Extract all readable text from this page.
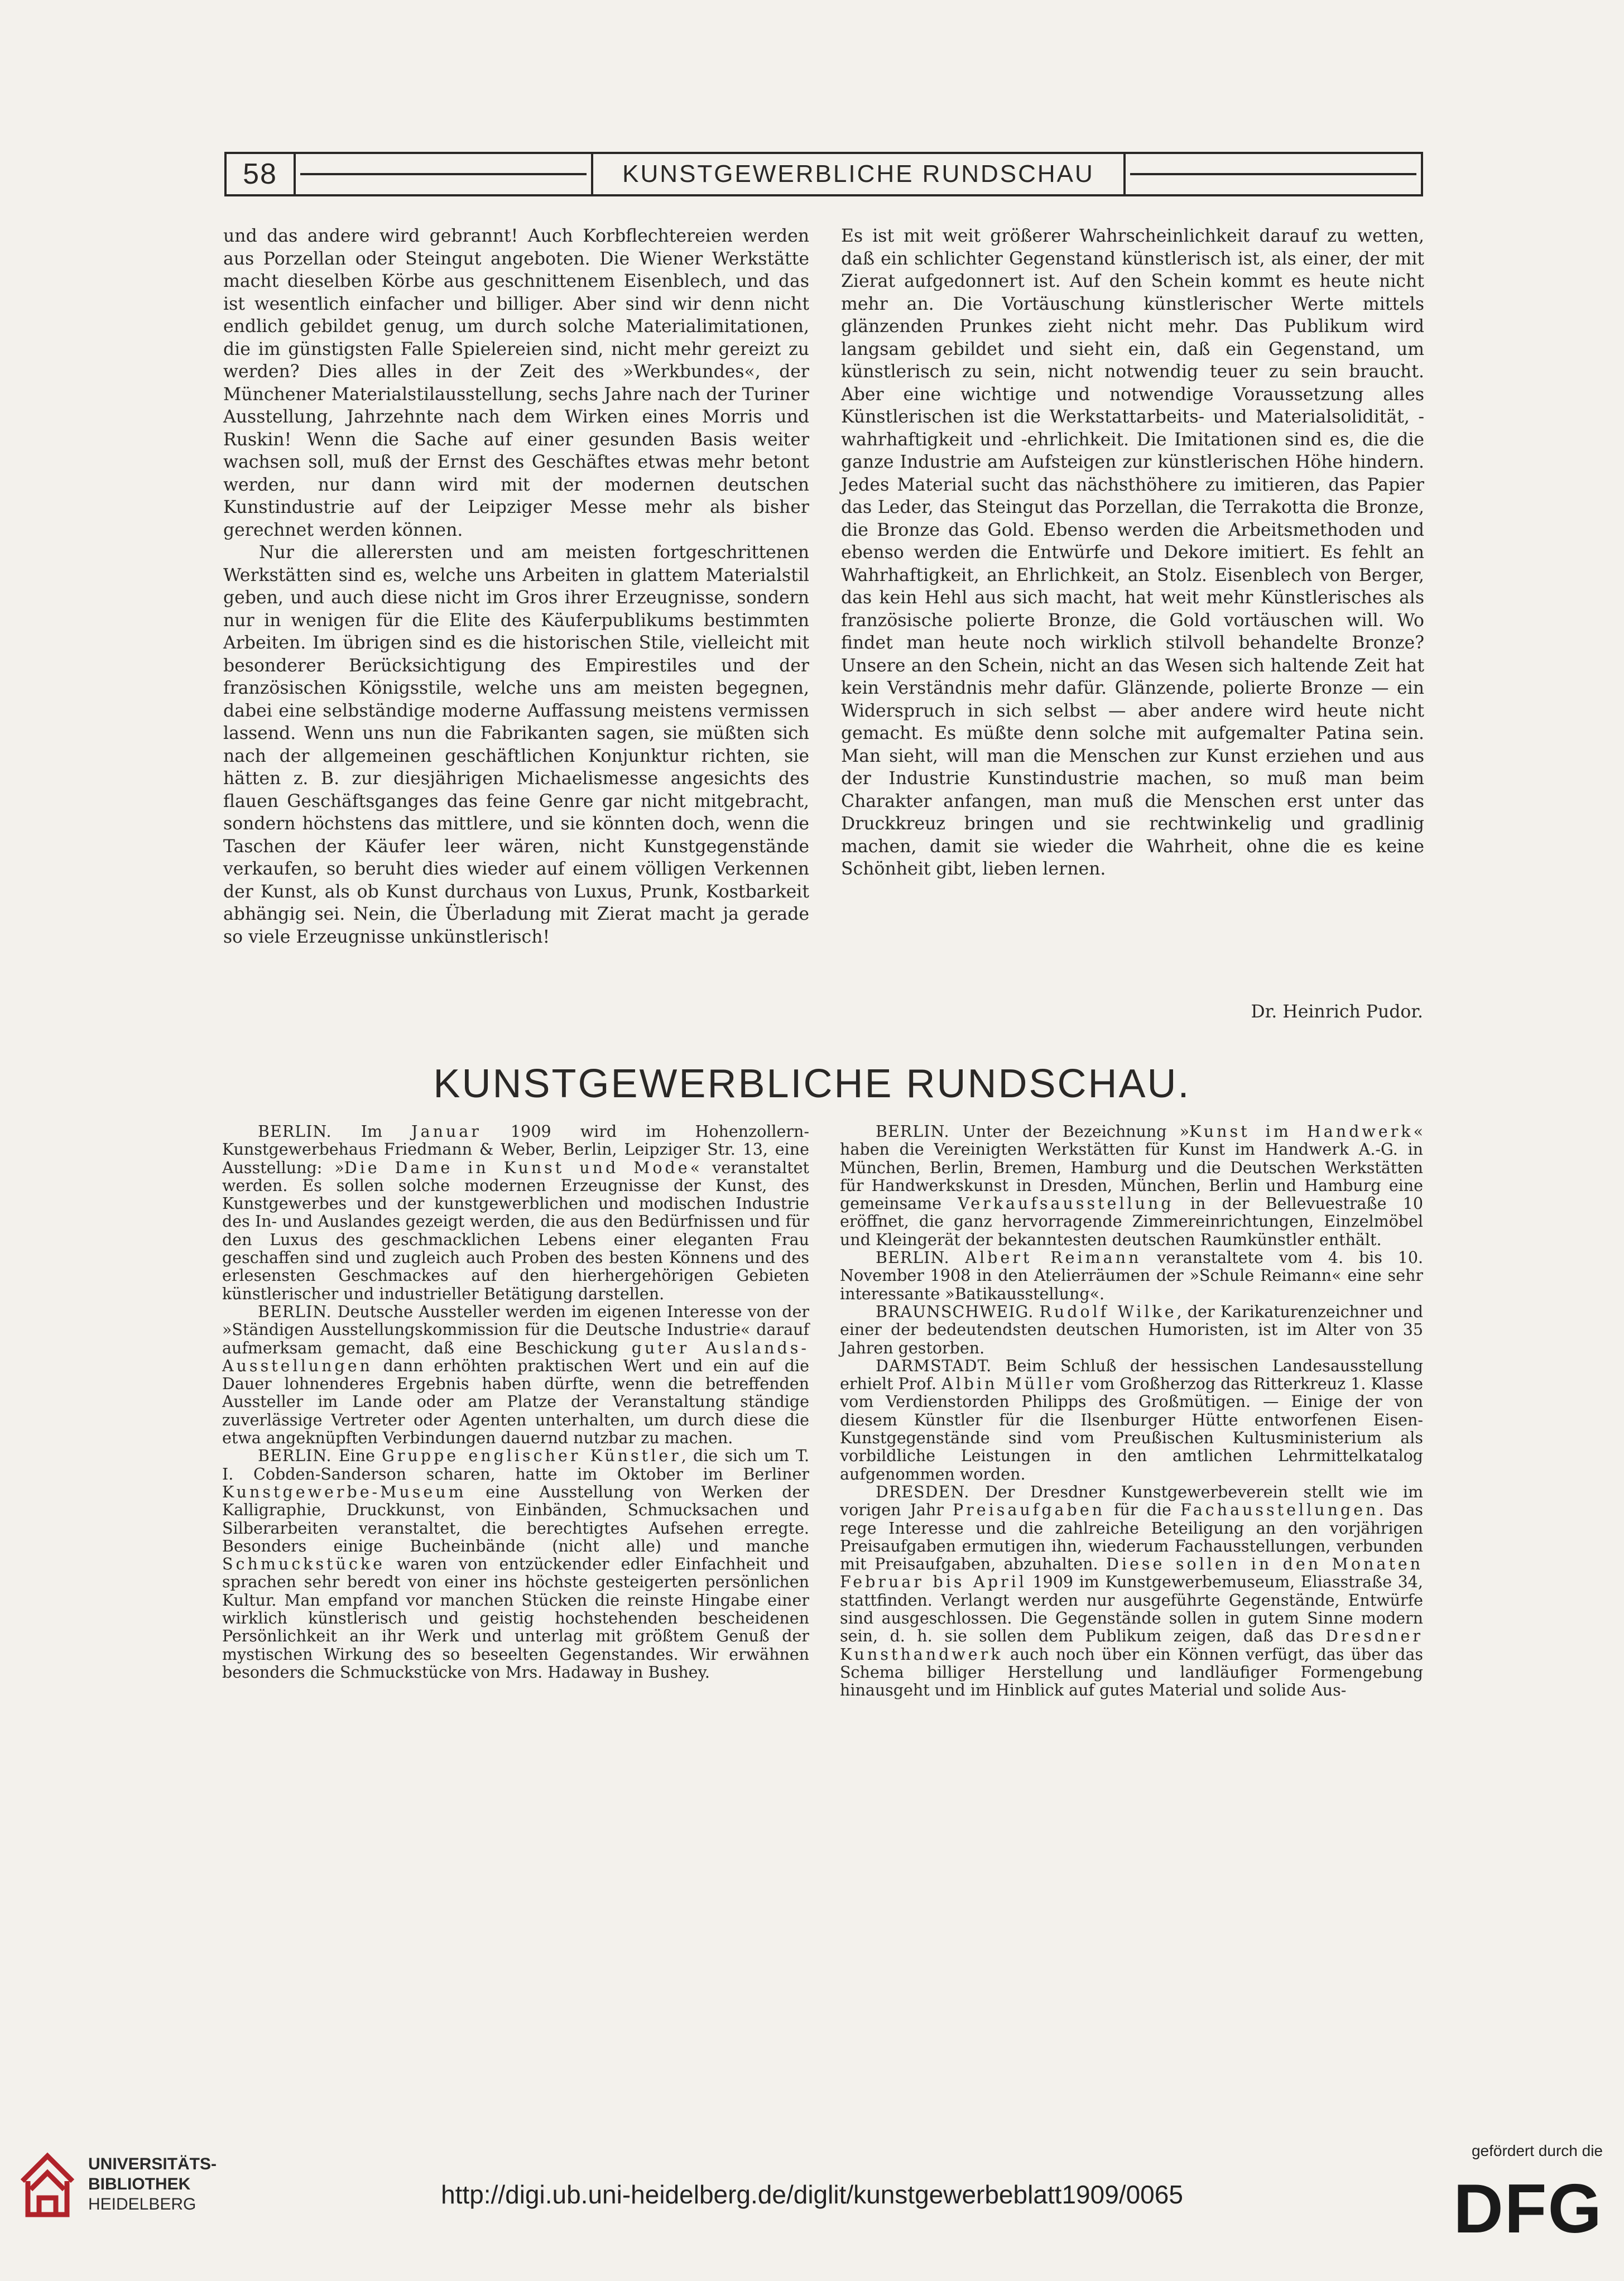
58	KUNSTGEWERBLICHE RUNDSCHAU

und das andere wird gebrannt! Auch Korbflechtereien werden aus Porzellan oder Steingut angeboten. Die Wiener Werkstätte macht dieselben Körbe aus geschnittenem Eisenblech, und das ist wesentlich einfacher und billiger. Aber sind wir denn nicht endlich gebildet genug, um durch solche Materialimitationen, die im günstigsten Falle Spielereien sind, nicht mehr gereizt zu werden? Dies alles in der Zeit des »Werkbundes«, der Münchener Materialstilausstellung, sechs Jahre nach der Turiner Ausstellung, Jahrzehnte nach dem Wirken eines Morris und Ruskin! Wenn die Sache auf einer gesunden Basis weiter wachsen soll, muß der Ernst des Geschäftes etwas mehr betont werden, nur dann wird mit der modernen deutschen Kunstindustrie auf der Leipziger Messe mehr als bisher gerechnet werden können.

Nur die allerersten und am meisten fortgeschrittenen Werkstätten sind es, welche uns Arbeiten in glattem Materialstil geben, und auch diese nicht im Gros ihrer Erzeugnisse, sondern nur in wenigen für die Elite des Käuferpublikums bestimmten Arbeiten. Im übrigen sind es die historischen Stile, vielleicht mit besonderer Berücksichtigung des Empirestiles und der französischen Königsstile, welche uns am meisten begegnen, dabei eine selbständige moderne Auffassung meistens vermissen lassend. Wenn uns nun die Fabrikanten sagen, sie müßten sich nach der allgemeinen geschäftlichen Konjunktur richten, sie hätten z. B. zur diesjährigen Michaelismesse angesichts des flauen Geschäftsganges das feine Genre gar nicht mitgebracht, sondern höchstens das mittlere, und sie könnten doch, wenn die Taschen der Käufer leer wären, nicht Kunstgegenstände verkaufen, so beruht dies wieder auf einem völligen Verkennen der Kunst, als ob Kunst durchaus von Luxus, Prunk, Kostbarkeit abhängig sei. Nein, die Überladung mit Zierat macht ja gerade so viele Erzeugnisse unkünstlerisch!

Es ist mit weit größerer Wahrscheinlichkeit darauf zu wetten, daß ein schlichter Gegenstand künstlerisch ist, als einer, der mit Zierat aufgedonnert ist. Auf den Schein kommt es heute nicht mehr an. Die Vortäuschung künstlerischer Werte mittels glänzenden Prunkes zieht nicht mehr. Das Publikum wird langsam gebildet und sieht ein, daß ein Gegenstand, um künstlerisch zu sein, nicht notwendig teuer zu sein braucht. Aber eine wichtige und notwendige Voraussetzung alles Künstlerischen ist die Werkstattarbeits- und Materialsolidität, -wahrhaftigkeit und -ehrlichkeit. Die Imitationen sind es, die die ganze Industrie am Aufsteigen zur künstlerischen Höhe hindern. Jedes Material sucht das nächsthöhere zu imitieren, das Papier das Leder, das Steingut das Porzellan, die Terrakotta die Bronze, die Bronze das Gold. Ebenso werden die Arbeitsmethoden und ebenso werden die Entwürfe und Dekore imitiert. Es fehlt an Wahrhaftigkeit, an Ehrlichkeit, an Stolz. Eisenblech von Berger, das kein Hehl aus sich macht, hat weit mehr Künstlerisches als französische polierte Bronze, die Gold vortäuschen will. Wo findet man heute noch wirklich stilvoll behandelte Bronze? Unsere an den Schein, nicht an das Wesen sich haltende Zeit hat kein Verständnis mehr dafür. Glänzende, polierte Bronze — ein Widerspruch in sich selbst — aber andere wird heute nicht gemacht. Es müßte denn solche mit aufgemalter Patina sein. Man sieht, will man die Menschen zur Kunst erziehen und aus der Industrie Kunstindustrie machen, so muß man beim Charakter anfangen, man muß die Menschen erst unter das Druckkreuz bringen und sie rechtwinkelig und gradlinig machen, damit sie wieder die Wahrheit, ohne die es keine Schönheit gibt, lieben lernen.

Dr. Heinrich Pudor.
KUNSTGEWERBLICHE RUNDSCHAU.

BERLIN. Im Januar 1909 wird im Hohenzollern-Kunstgewerbehaus Friedmann & Weber, Berlin, Leipziger Str. 13, eine Ausstellung: »Die Dame in Kunst und Mode« veranstaltet werden. Es sollen solche modernen Erzeugnisse der Kunst, des Kunstgewerbes und der kunstgewerblichen und modischen Industrie des In- und Auslandes gezeigt werden, die aus den Bedürfnissen und für den Luxus des geschmacklichen Lebens einer eleganten Frau geschaffen sind und zugleich auch Proben des besten Könnens und des erlesensten Geschmackes auf den hierhergehörigen Gebieten künstlerischer und industrieller Betätigung darstellen.

BERLIN. Deutsche Aussteller werden im eigenen Interesse von der »Ständigen Ausstellungskommission für die Deutsche Industrie« darauf aufmerksam gemacht, daß eine Beschickung guter Auslands-Ausstellungen dann erhöhten praktischen Wert und ein auf die Dauer lohnenderes Ergebnis haben dürfte, wenn die betreffenden Aussteller im Lande oder am Platze der Veranstaltung ständige zuverlässige Vertreter oder Agenten unterhalten, um durch diese die etwa angeknüpften Verbindungen dauernd nutzbar zu machen.

BERLIN. Eine Gruppe englischer Künstler, die sich um T. I. Cobden-Sanderson scharen, hatte im Oktober im Berliner Kunstgewerbe-Museum eine Ausstellung von Werken der Kalligraphie, Druckkunst, von Einbänden, Schmucksachen und Silberarbeiten veranstaltet, die berechtigtes Aufsehen erregte. Besonders einige Bucheinbände (nicht alle) und manche Schmuckstücke waren von entzückender edler Einfachheit und sprachen sehr beredt von einer ins höchste gesteigerten persönlichen Kultur. Man empfand vor manchen Stücken die reinste Hingabe einer wirklich künstlerisch und geistig hochstehenden bescheidenen Persönlichkeit an ihr Werk und unterlag mit größtem Genuß der mystischen Wirkung des so beseelten Gegenstandes. Wir erwähnen besonders die Schmuckstücke von Mrs. Hadaway in Bushey.

BERLIN. Unter der Bezeichnung »Kunst im Handwerk« haben die Vereinigten Werkstätten für Kunst im Handwerk A.-G. in München, Berlin, Bremen, Hamburg und die Deutschen Werkstätten für Handwerkskunst in Dresden, München, Berlin und Hamburg eine gemeinsame Verkaufsausstellung in der Bellevuestraße 10 eröffnet, die ganz hervorragende Zimmereinrichtungen, Einzelmöbel und Kleingerät der bekanntesten deutschen Raumkünstler enthält.

BERLIN. Albert Reimann veranstaltete vom 4. bis 10. November 1908 in den Atelierräumen der »Schule Reimann« eine sehr interessante »Batikausstellung«.

BRAUNSCHWEIG. Rudolf Wilke, der Karikaturenzeichner und einer der bedeutendsten deutschen Humoristen, ist im Alter von 35 Jahren gestorben.

DARMSTADT. Beim Schluß der hessischen Landesausstellung erhielt Prof. Albin Müller vom Großherzog das Ritterkreuz 1. Klasse vom Verdienstorden Philipps des Großmütigen. — Einige der von diesem Künstler für die Ilsenburger Hütte entworfenen Eisen-Kunstgegenstände sind vom Preußischen Kultusministerium als vorbildliche Leistungen in den amtlichen Lehrmittelkatalog aufgenommen worden.

DRESDEN. Der Dresdner Kunstgewerbeverein stellt wie im vorigen Jahr Preisaufgaben für die Fachausstellungen. Das rege Interesse und die zahlreiche Beteiligung an den vorjährigen Preisaufgaben ermutigen ihn, wiederum Fachausstellungen, verbunden mit Preisaufgaben, abzuhalten. Diese sollen in den Monaten Februar bis April 1909 im Kunstgewerbemuseum, Eliasstraße 34, stattfinden. Verlangt werden nur ausgeführte Gegenstände, Entwürfe sind ausgeschlossen. Die Gegenstände sollen in gutem Sinne modern sein, d. h. sie sollen dem Publikum zeigen, daß das Dresdner Kunsthandwerk auch noch über ein Können verfügt, das über das Schema billiger Herstellung und landläufiger Formengebung hinausgeht und im Hinblick auf gutes Material und solide Aus-

UNIVERSITÄTS-
BIBLIOTHEK
HEIDELBERG	http://digi.ub.uni-heidelberg.de/diglit/kunstgewerbeblatt1909/0065
gefördert durch die
DFG
